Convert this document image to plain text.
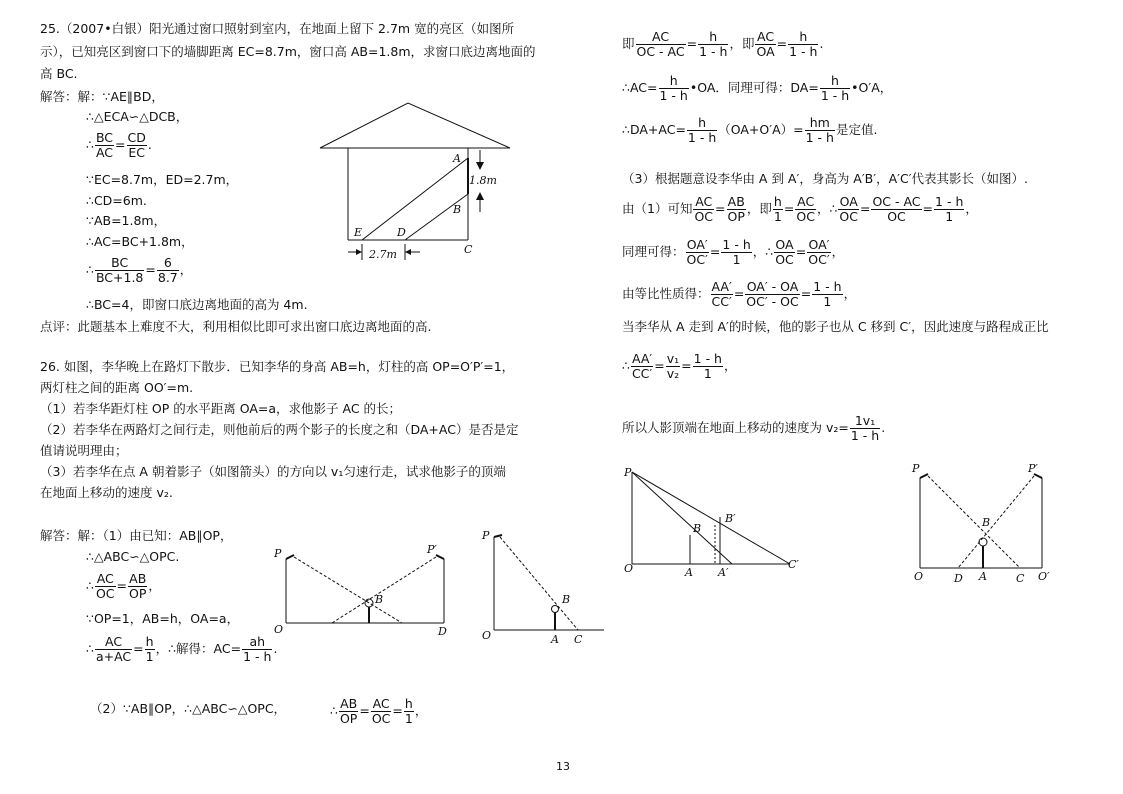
25.（2007•白银）阳光通过窗口照射到室内，在地面上留下 2.7m 宽的亮区（如图所
示），已知亮区到窗口下的墙脚距离 EC=8.7m，窗口高 AB=1.8m，求窗口底边离地面的
高 BC.
解答：解：∵AE∥BD，
∴△ECA∽△DCB，
∴ $\frac{BC}{AC} = \frac{CD}{EC}$ .
∵EC=8.7m，ED=2.7m，
∴CD=6m.
∵AB=1.8m，
∴AC=BC+1.8m，
∴ $\frac{BC}{BC+1.8} = \frac{6}{8.7}$ ，
∴BC=4，即窗口底边离地面的高为 4m.
点评：此题基本上难度不大，利用相似比即可求出窗口底边离地面的高.
A
B
C
D
E
1.8m
2.7m
26. 如图，李华晚上在路灯下散步．已知李华的身高 AB=h，灯柱的高 OP=O′P′=1，
两灯柱之间的距离 OO′=m.
（1）若李华距灯柱 OP 的水平距离 OA=a，求他影子 AC 的长；
（2）若李华在两路灯之间行走，则他前后的两个影子的长度之和（DA+AC）是否是定
值请说明理由；
（3）若李华在点 A 朝着影子（如图箭头）的方向以 v₁匀速行走，试求他影子的顶端
在地面上移动的速度 v₂.
解答：解：（1）由已知：AB∥OP，
∴△ABC∽△OPC.
∴ $\frac{AC}{OC} = \frac{AB}{OP}$ ，
∵OP=1，AB=h，OA=a，
∴ $\frac{AC}{a+AC} = \frac{h}{1}$ ，∴解得：$AC= \frac{ah}{1 - h}$ .
（2）∵AB∥OP，∴△ABC∽△OPC，	∴ $\frac{AB}{OP} = \frac{AC}{OC} = \frac{h}{1}$ ，
P	P′
O	D
B
P
B
O	A C
即 $\frac{AC}{OC - AC} = \frac{h}{1 - h}$ ，即 $\frac{AC}{OA} = \frac{h}{1 - h}$ .
∴AC= $\frac{h}{1 - h}$ •OA．同理可得：$DA= \frac{h}{1 - h}$ •O′A，
∴DA+AC= $\frac{h}{1 - h} (OA+O'A)= \frac{hm}{1 - h}$ 是定值.
（3）根据题意设李华由 A 到 A′，身高为 A′B′，A′C′代表其影长（如图）.
由（1）可知 $\frac{AC}{OC} = \frac{AB}{OP}$ ，即 $\frac{h}{1} = \frac{AC}{OC}$ ，∴ $\frac{OA}{OC} = \frac{OC - AC}{OC} = \frac{1 - h}{1}$ ，
同理可得： $\frac{OA'}{OC'} = \frac{1 - h}{1}$ ，∴ $\frac{OA}{OC} = \frac{OA'}{OC'}$ ，
由等比性质得： $\frac{AA'}{CC'} = \frac{OA' - OA}{OC' - OC} = \frac{1 - h}{1}$ ，
当李华从 A 走到 A′的时候，他的影子也从 C 移到 C′，因此速度与路程成正比
∴ $\frac{AA'}{CC'} = \frac{\text{v₁}}{\text{v₂}} = \frac{1 - h}{1}$ ，
所以人影顶端在地面上移动的速度为 $v_2= \frac{\text{1v₁}}{1 - h}$ .
P
B
B′
O	A A′
C′
P	P′
B
O	D A	C O′
13
